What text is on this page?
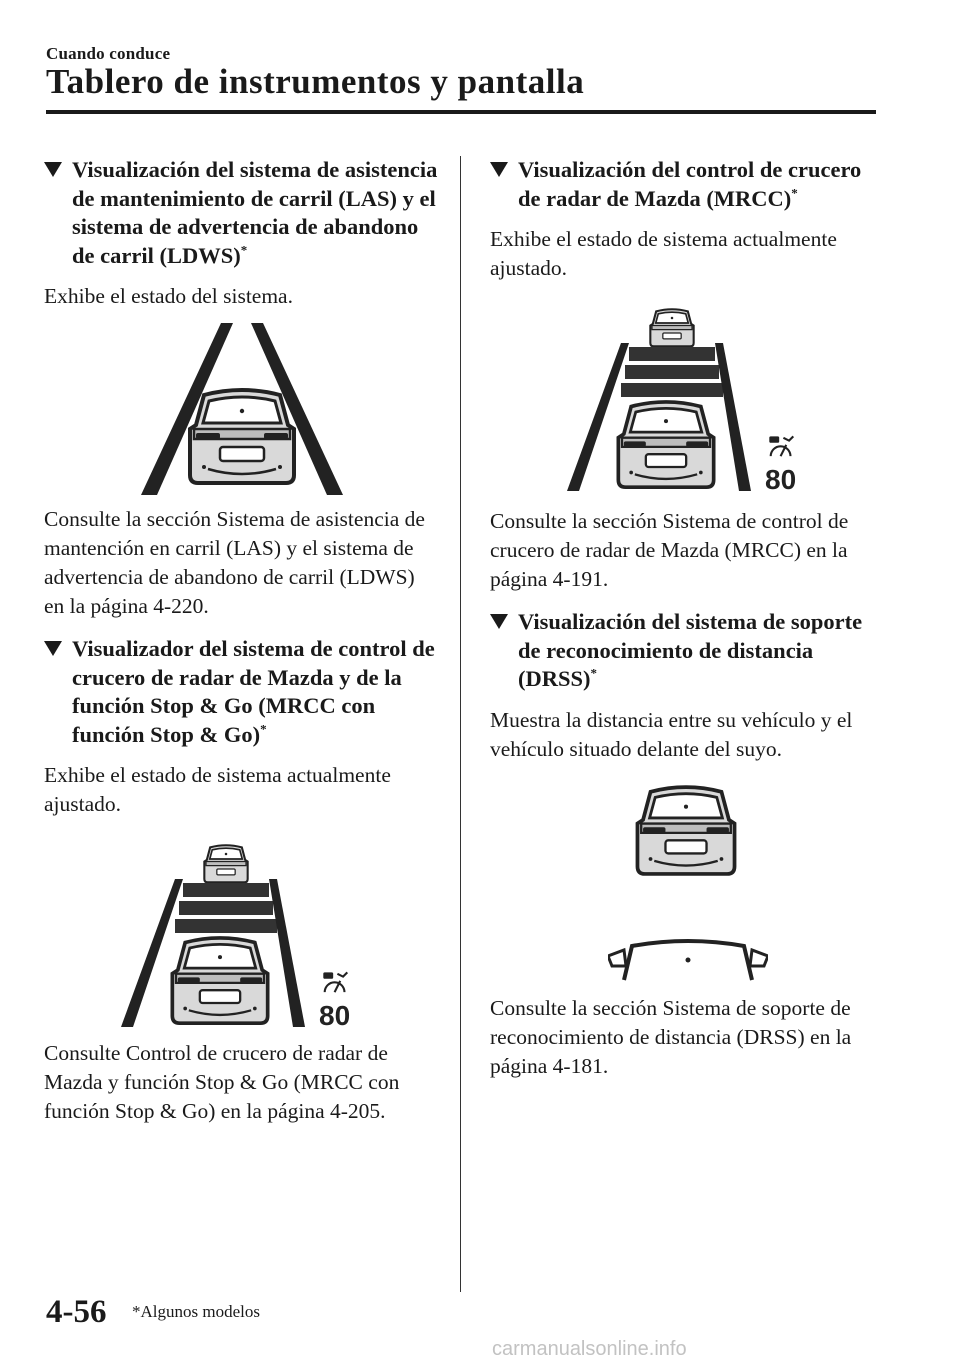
Cuando conduce
Tablero de instrumentos y pantalla
Visualización del sistema de asistencia de mantenimiento de carril (LAS) y el sistema de advertencia de abandono de carril (LDWS)*

Exhibe el estado del sistema.

Consulte la sección Sistema de asistencia de mantención en carril (LAS) y el sistema de advertencia de abandono de carril (LDWS) en la página 4-220.

Visualizador del sistema de control de crucero de radar de Mazda y de la función Stop & Go (MRCC con función Stop & Go)*

Exhibe el estado de sistema actualmente ajustado.

80

Consulte Control de crucero de radar de Mazda y función Stop & Go (MRCC con función Stop & Go) en la página 4-205.

Visualización del control de crucero de radar de Mazda (MRCC)*

Exhibe el estado de sistema actualmente ajustado.

80

Consulte la sección Sistema de control de crucero de radar de Mazda (MRCC) en la página 4-191.

Visualización del sistema de soporte de reconocimiento de distancia (DRSS)*

Muestra la distancia entre su vehículo y el vehículo situado delante del suyo.

Consulte la sección Sistema de soporte de reconocimiento de distancia (DRSS) en la página 4-181.

4-56 *Algunos modelos
carmanualsonline.info
